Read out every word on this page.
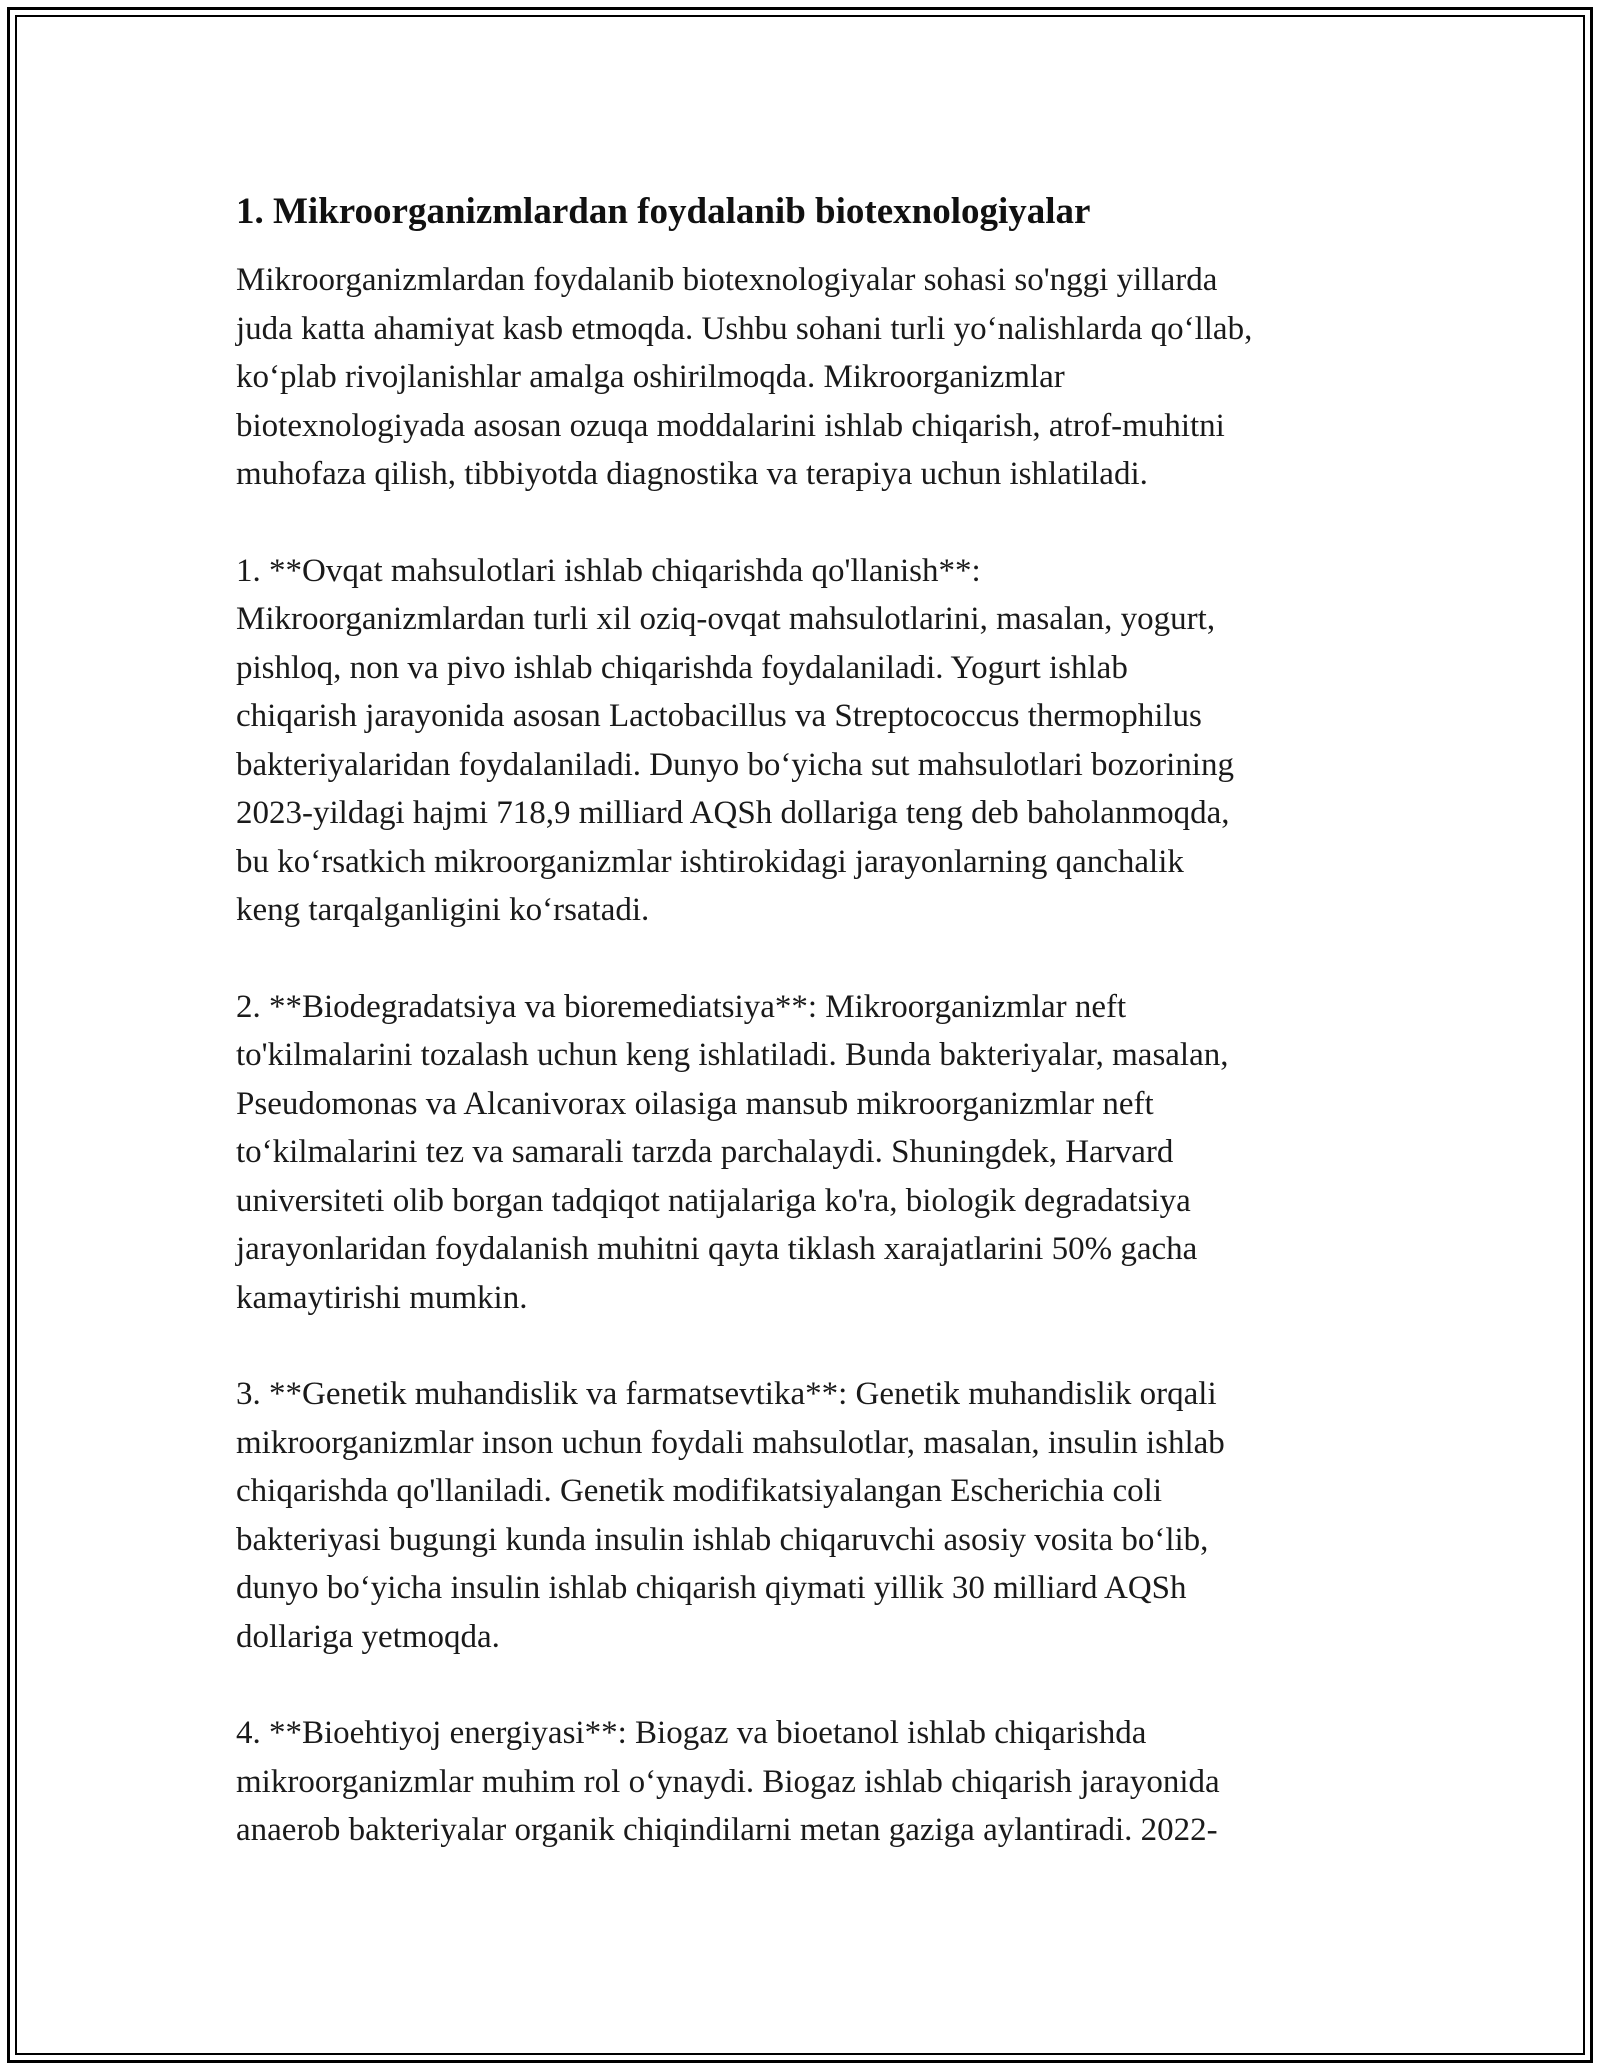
1. Mikroorganizmlardan foydalanib biotexnologiyalar

Mikroorganizmlardan foydalanib biotexnologiyalar sohasi so'nggi yillarda
juda katta ahamiyat kasb etmoqda. Ushbu sohani turli yo‘nalishlarda qo‘llab,
ko‘plab rivojlanishlar amalga oshirilmoqda. Mikroorganizmlar
biotexnologiyada asosan ozuqa moddalarini ishlab chiqarish, atrof-muhitni
muhofaza qilish, tibbiyotda diagnostika va terapiya uchun ishlatiladi.

1. **Ovqat mahsulotlari ishlab chiqarishda qo'llanish**:
Mikroorganizmlardan turli xil oziq-ovqat mahsulotlarini, masalan, yogurt,
pishloq, non va pivo ishlab chiqarishda foydalaniladi. Yogurt ishlab
chiqarish jarayonida asosan Lactobacillus va Streptococcus thermophilus
bakteriyalaridan foydalaniladi. Dunyo bo‘yicha sut mahsulotlari bozorining
2023-yildagi hajmi 718,9 milliard AQSh dollariga teng deb baholanmoqda,
bu ko‘rsatkich mikroorganizmlar ishtirokidagi jarayonlarning qanchalik
keng tarqalganligini ko‘rsatadi.

2. **Biodegradatsiya va bioremediatsiya**: Mikroorganizmlar neft
to'kilmalarini tozalash uchun keng ishlatiladi. Bunda bakteriyalar, masalan,
Pseudomonas va Alcanivorax oilasiga mansub mikroorganizmlar neft
to‘kilmalarini tez va samarali tarzda parchalaydi. Shuningdek, Harvard
universiteti olib borgan tadqiqot natijalariga ko'ra, biologik degradatsiya
jarayonlaridan foydalanish muhitni qayta tiklash xarajatlarini 50% gacha
kamaytirishi mumkin.

3. **Genetik muhandislik va farmatsevtika**: Genetik muhandislik orqali
mikroorganizmlar inson uchun foydali mahsulotlar, masalan, insulin ishlab
chiqarishda qo'llaniladi. Genetik modifikatsiyalangan Escherichia coli
bakteriyasi bugungi kunda insulin ishlab chiqaruvchi asosiy vosita bo‘lib,
dunyo bo‘yicha insulin ishlab chiqarish qiymati yillik 30 milliard AQSh
dollariga yetmoqda.

4. **Bioehtiyoj energiyasi**: Biogaz va bioetanol ishlab chiqarishda
mikroorganizmlar muhim rol o‘ynaydi. Biogaz ishlab chiqarish jarayonida
anaerob bakteriyalar organik chiqindilarni metan gaziga aylantiradi. 2022-
